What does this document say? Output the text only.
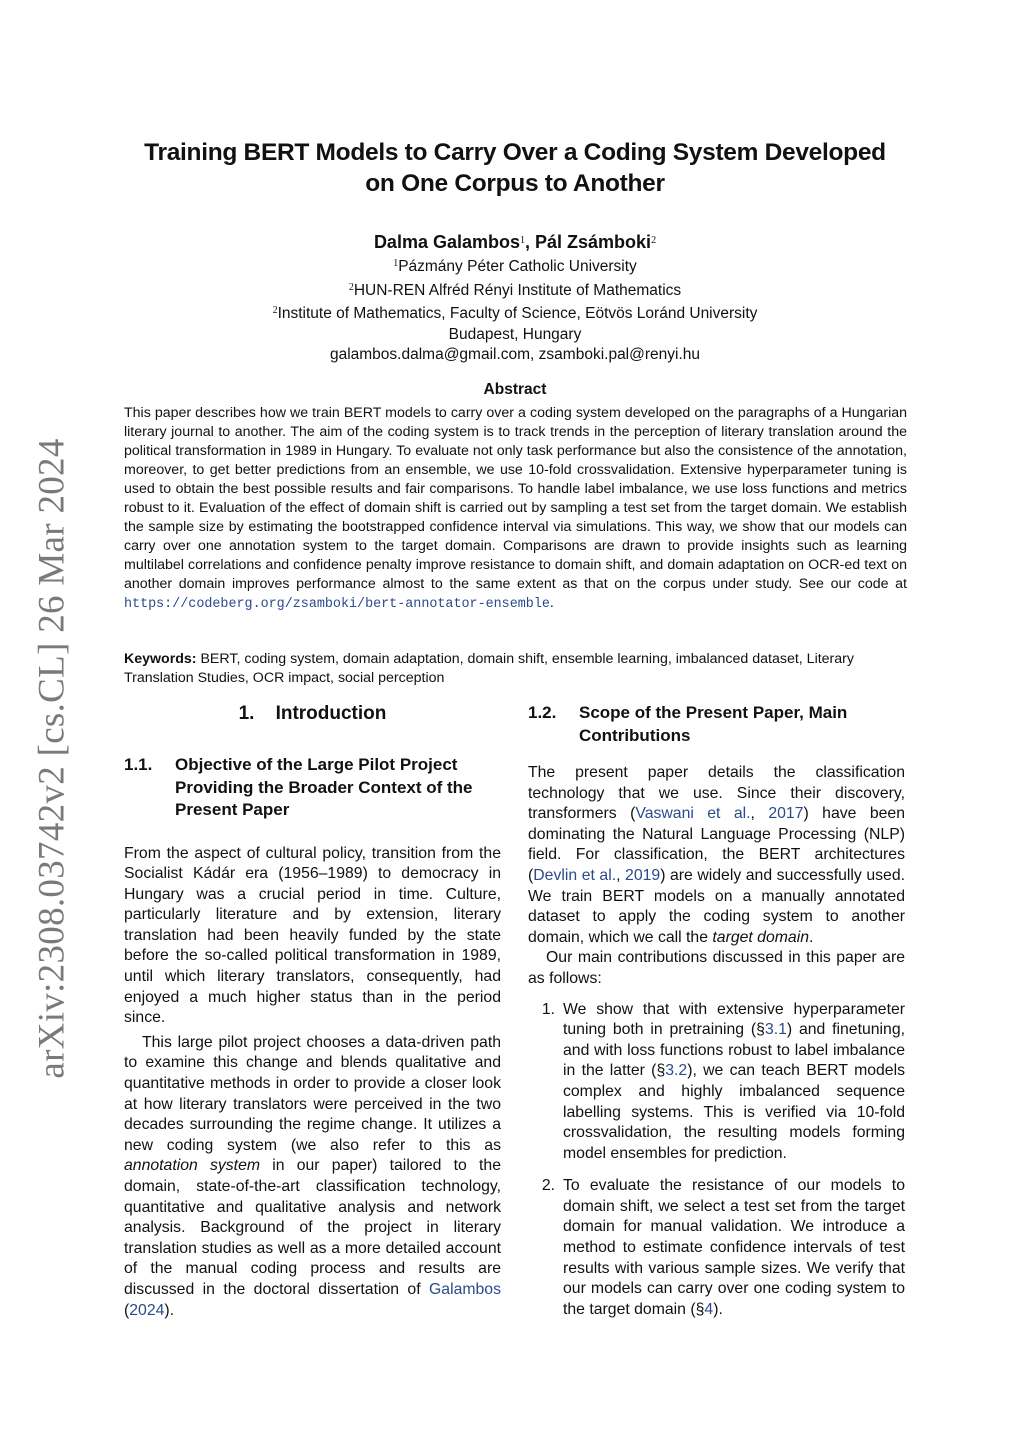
arXiv:2308.03742v2 [cs.CL] 26 Mar 2024
Training BERT Models to Carry Over a Coding System Developed
on One Corpus to Another
Dalma Galambos$^1$, Pál Zsámboki$^2$
$^1$Pázmány Péter Catholic University
$^2$HUN-REN Alfréd Rényi Institute of Mathematics
$^2$Institute of Mathematics, Faculty of Science, Eötvös Loránd University
Budapest, Hungary
galambos.dalma@gmail.com, zsamboki.pal@renyi.hu
Abstract

This paper describes how we train BERT models to carry over a coding system developed on the paragraphs of a Hungarian literary journal to another. The aim of the coding system is to track trends in the perception of literary translation around the political transformation in 1989 in Hungary. To evaluate not only task performance but also the consistence of the annotation, moreover, to get better predictions from an ensemble, we use 10-fold crossvalidation. Extensive hyperparameter tuning is used to obtain the best possible results and fair comparisons. To handle label imbalance, we use loss functions and metrics robust to it. Evaluation of the effect of domain shift is carried out by sampling a test set from the target domain. We establish the sample size by estimating the bootstrapped confidence interval via simulations. This way, we show that our models can carry over one annotation system to the target domain. Comparisons are drawn to provide insights such as learning multilabel correlations and confidence penalty improve resistance to domain shift, and domain adaptation on OCR-ed text on another domain improves performance almost to the same extent as that on the corpus under study. See our code at https://codeberg.org/zsamboki/bert-annotator-ensemble.

Keywords: BERT, coding system, domain adaptation, domain shift, ensemble learning, imbalanced dataset, Literary Translation Studies, OCR impact, social perception

1.    Introduction
1.1.	Objective of the Large Pilot Project Providing the Broader Context of the Present Paper

From the aspect of cultural policy, transition from the Socialist Kádár era (1956–1989) to democracy in Hungary was a crucial period in time. Culture, particularly literature and by extension, literary translation had been heavily funded by the state before the so-called political transformation in 1989, until which literary translators, consequently, had enjoyed a much higher status than in the period since.

This large pilot project chooses a data-driven path to examine this change and blends qualitative and quantitative methods in order to provide a closer look at how literary translators were perceived in the two decades surrounding the regime change. It utilizes a new coding system (we also refer to this as annotation system in our paper) tailored to the domain, state-of-the-art classification technology, quantitative and qualitative analysis and network analysis. Background of the project in literary translation studies as well as a more detailed account of the manual coding process and results are discussed in the doctoral dissertation of Galambos (2024).

1.2.	Scope of the Present Paper, Main Contributions

The present paper details the classification technology that we use. Since their discovery, transformers (Vaswani et al., 2017) have been dominating the Natural Language Processing (NLP) field. For classification, the BERT architectures (Devlin et al., 2019) are widely and successfully used. We train BERT models on a manually annotated dataset to apply the coding system to another domain, which we call the target domain.

Our main contributions discussed in this paper are as follows:

1. We show that with extensive hyperparameter tuning both in pretraining (§3.1) and finetuning, and with loss functions robust to label imbalance in the latter (§3.2), we can teach BERT models complex and highly imbalanced sequence labelling systems. This is verified via 10-fold crossvalidation, the resulting models forming model ensembles for prediction.

2. To evaluate the resistance of our models to domain shift, we select a test set from the target domain for manual validation. We introduce a method to estimate confidence intervals of test results with various sample sizes. We verify that our models can carry over one coding system to the target domain (§4).
